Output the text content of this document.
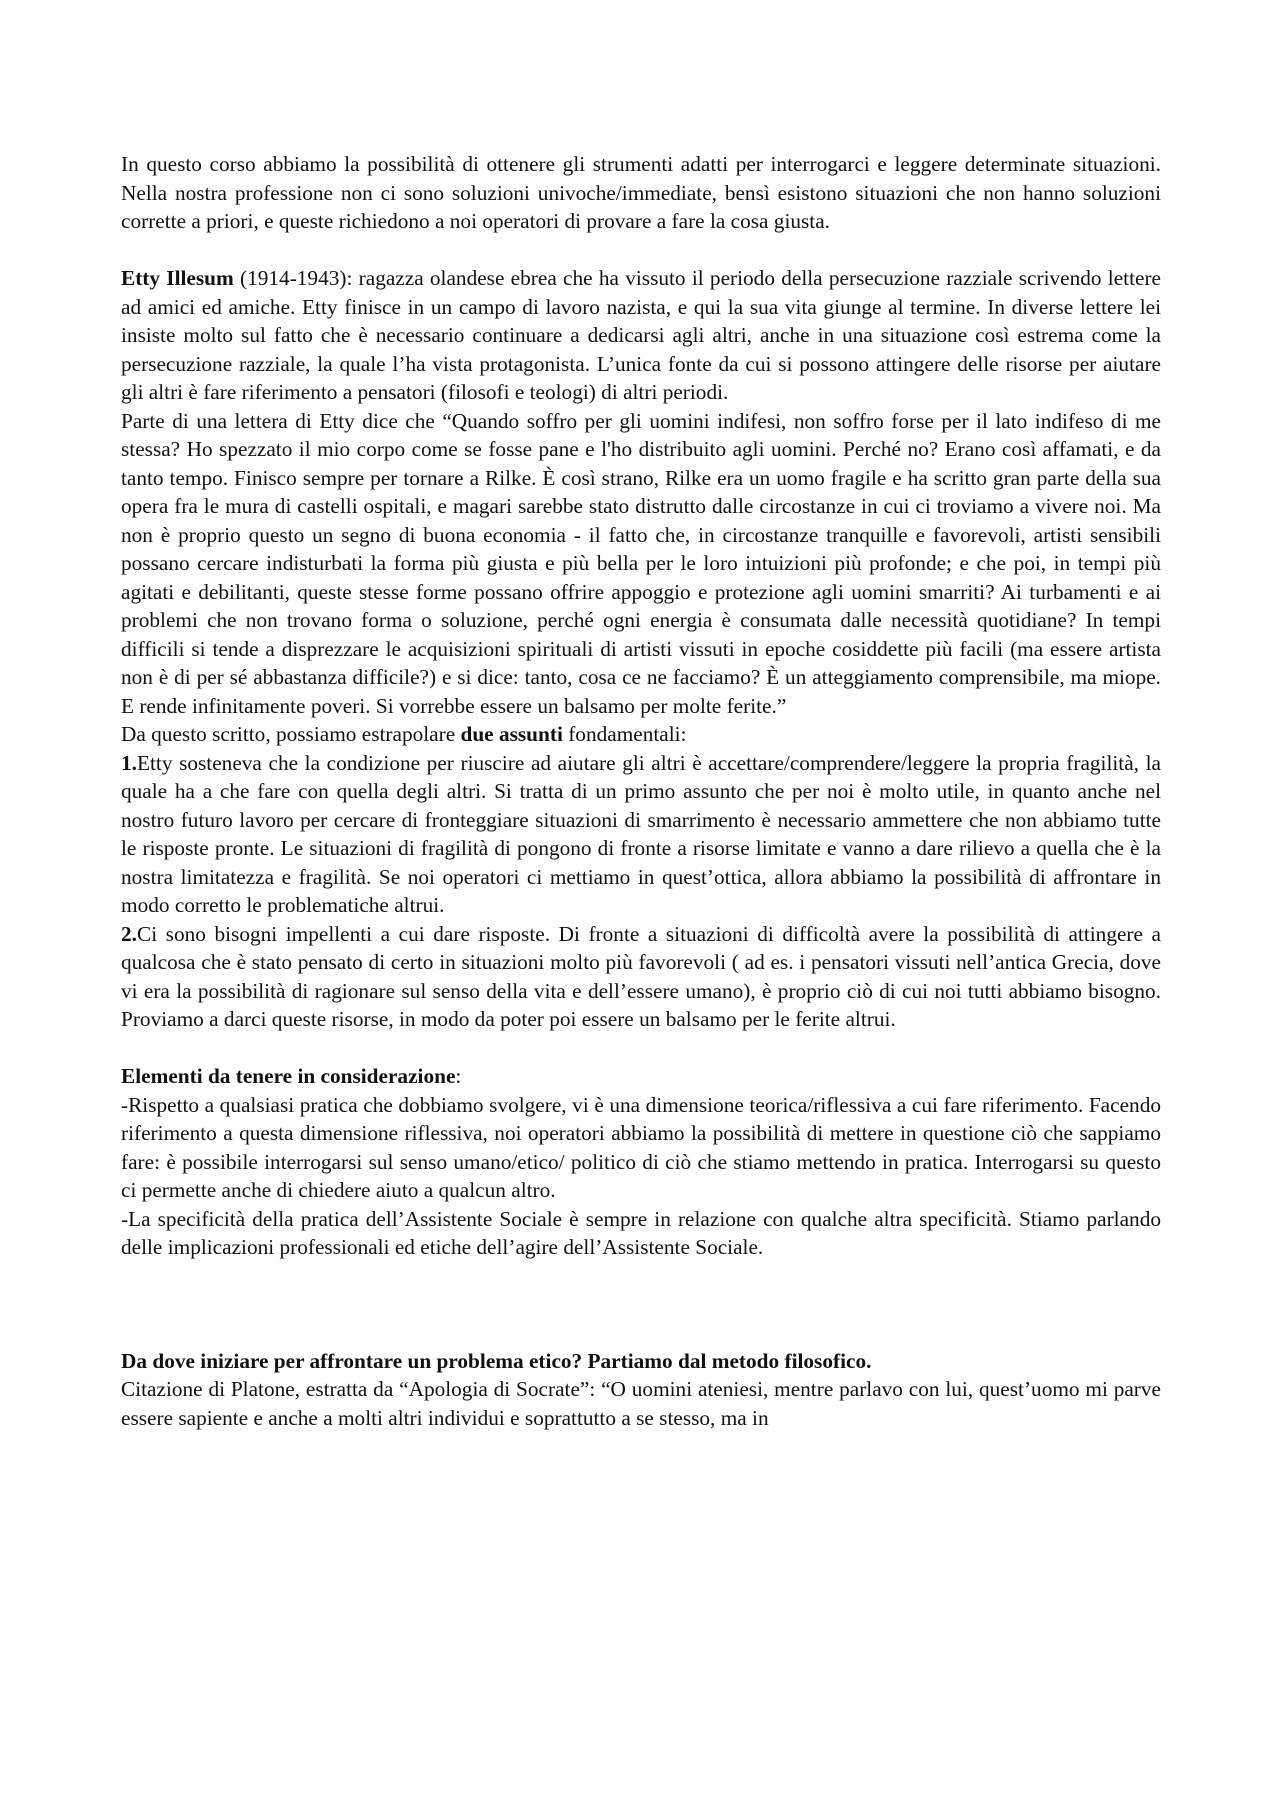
In questo corso abbiamo la possibilità di ottenere gli strumenti adatti per interrogarci e leggere determinate situazioni. Nella nostra professione non ci sono soluzioni univoche/immediate, bensì esistono situazioni che non hanno soluzioni corrette a priori, e queste richiedono a noi operatori di provare a fare la cosa giusta.

Etty Illesum (1914-1943): ragazza olandese ebrea che ha vissuto il periodo della persecuzione razziale scrivendo lettere ad amici ed amiche. Etty finisce in un campo di lavoro nazista, e qui la sua vita giunge al termine. In diverse lettere lei insiste molto sul fatto che è necessario continuare a dedicarsi agli altri, anche in una situazione così estrema come la persecuzione razziale, la quale l’ha vista protagonista. L’unica fonte da cui si possono attingere delle risorse per aiutare gli altri è fare riferimento a pensatori (filosofi e teologi) di altri periodi.

Parte di una lettera di Etty dice che “Quando soffro per gli uomini indifesi, non soffro forse per il lato indifeso di me stessa? Ho spezzato il mio corpo come se fosse pane e l'ho distribuito agli uomini. Perché no? Erano così affamati, e da tanto tempo. Finisco sempre per tornare a Rilke. È così strano, Rilke era un uomo fragile e ha scritto gran parte della sua opera fra le mura di castelli ospitali, e magari sarebbe stato distrutto dalle circostanze in cui ci troviamo a vivere noi. Ma non è proprio questo un segno di buona economia - il fatto che, in circostanze tranquille e favorevoli, artisti sensibili possano cercare indisturbati la forma più giusta e più bella per le loro intuizioni più profonde; e che poi, in tempi più agitati e debilitanti, queste stesse forme possano offrire appoggio e protezione agli uomini smarriti? Ai turbamenti e ai problemi che non trovano forma o soluzione, perché ogni energia è consumata dalle necessità quotidiane? In tempi difficili si tende a disprezzare le acquisizioni spirituali di artisti vissuti in epoche cosiddette più facili (ma essere artista non è di per sé abbastanza difficile?) e si dice: tanto, cosa ce ne facciamo? È un atteggiamento comprensibile, ma miope. E rende infinitamente poveri. Si vorrebbe essere un balsamo per molte ferite.”

Da questo scritto, possiamo estrapolare due assunti fondamentali:

1.Etty sosteneva che la condizione per riuscire ad aiutare gli altri è accettare/comprendere/leggere la propria fragilità, la quale ha a che fare con quella degli altri. Si tratta di un primo assunto che per noi è molto utile, in quanto anche nel nostro futuro lavoro per cercare di fronteggiare situazioni di smarrimento è necessario ammettere che non abbiamo tutte le risposte pronte. Le situazioni di fragilità di pongono di fronte a risorse limitate e vanno a dare rilievo a quella che è la nostra limitatezza e fragilità. Se noi operatori ci mettiamo in quest’ottica, allora abbiamo la possibilità di affrontare in modo corretto le problematiche altrui.

2.Ci sono bisogni impellenti a cui dare risposte. Di fronte a situazioni di difficoltà avere la possibilità di attingere a qualcosa che è stato pensato di certo in situazioni molto più favorevoli ( ad es. i pensatori vissuti nell’antica Grecia, dove vi era la possibilità di ragionare sul senso della vita e dell’essere umano), è proprio ciò di cui noi tutti abbiamo bisogno. Proviamo a darci queste risorse, in modo da poter poi essere un balsamo per le ferite altrui.

Elementi da tenere in considerazione:

-Rispetto a qualsiasi pratica che dobbiamo svolgere, vi è una dimensione teorica/riflessiva a cui fare riferimento. Facendo riferimento a questa dimensione riflessiva, noi operatori abbiamo la possibilità di mettere in questione ciò che sappiamo fare: è possibile interrogarsi sul senso umano/etico/ politico di ciò che stiamo mettendo in pratica. Interrogarsi su questo ci permette anche di chiedere aiuto a qualcun altro.

-La specificità della pratica dell’Assistente Sociale è sempre in relazione con qualche altra specificità. Stiamo parlando delle implicazioni professionali ed etiche dell’agire dell’Assistente Sociale.

Da dove iniziare per affrontare un problema etico? Partiamo dal metodo filosofico.

Citazione di Platone, estratta da “Apologia di Socrate”: “O uomini ateniesi, mentre parlavo con lui, quest’uomo mi parve essere sapiente e anche a molti altri individui e soprattutto a se stesso, ma in
